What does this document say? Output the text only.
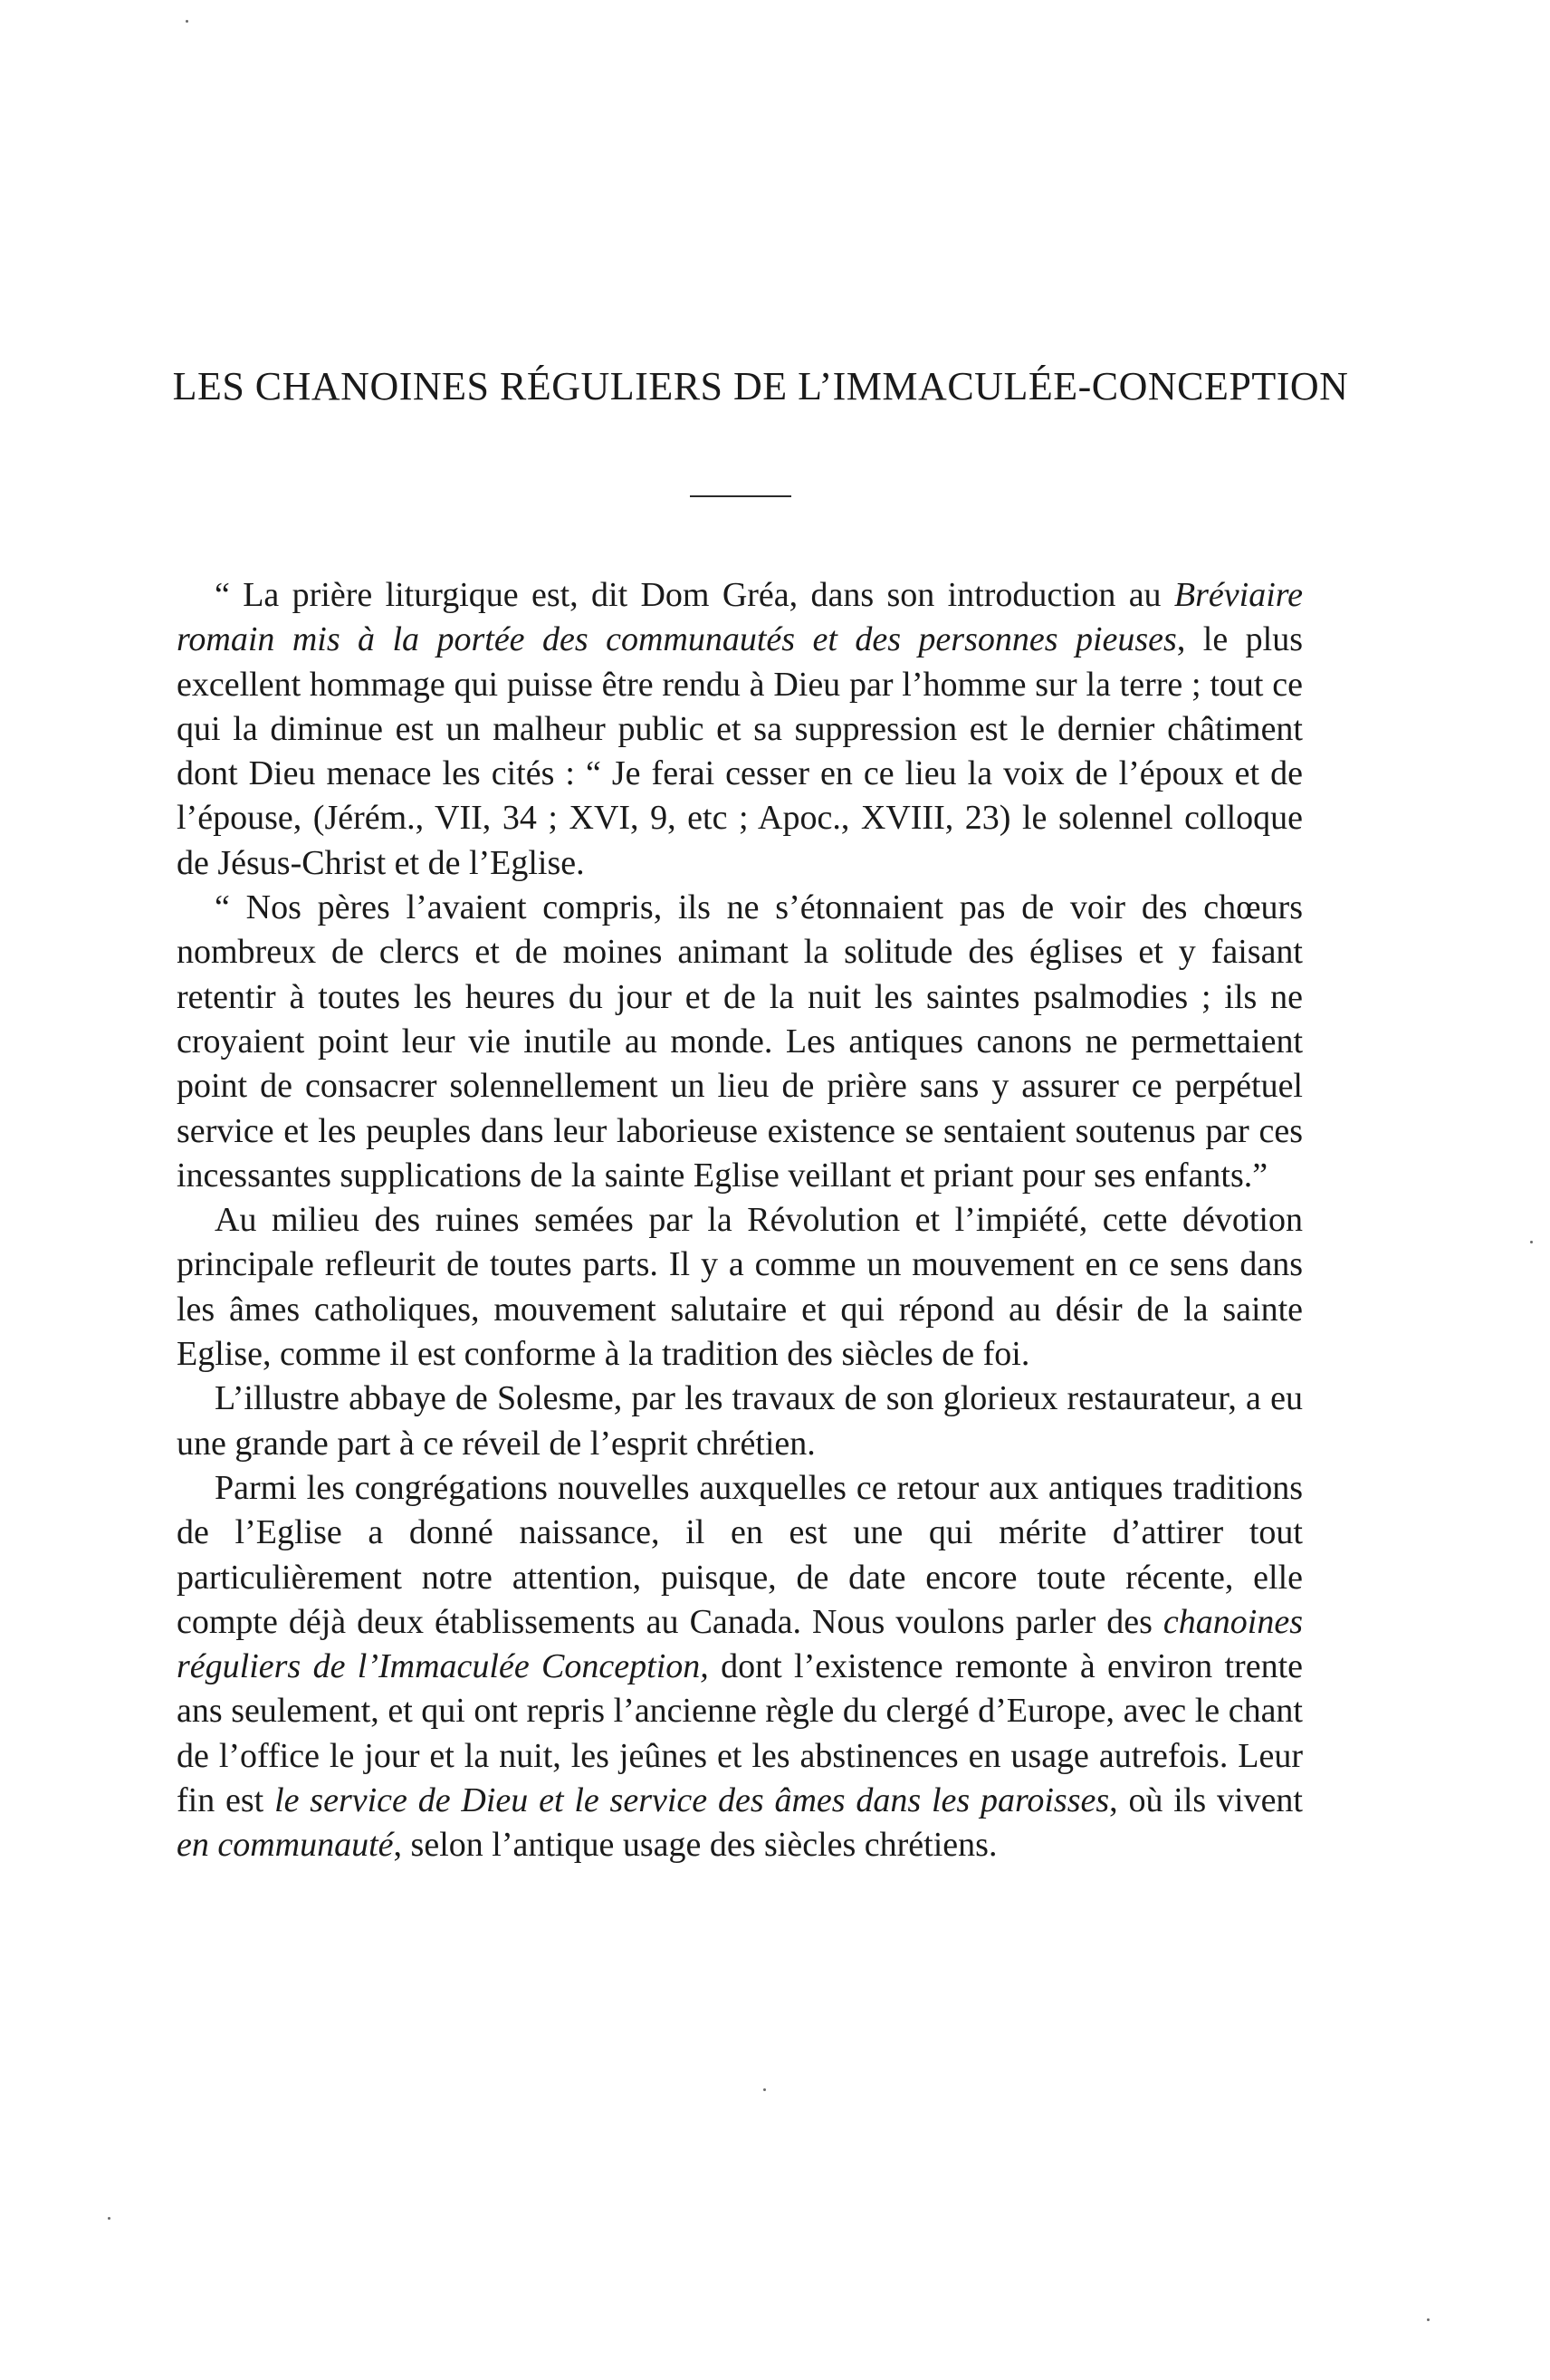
LES CHANOINES RÉGULIERS DE L’IMMACULÉE-CONCEPTION

“ La prière liturgique est, dit Dom Gréa, dans son introduction au Bréviaire romain mis à la portée des communautés et des personnes pieuses, le plus excellent hommage qui puisse être rendu à Dieu par l’homme sur la terre ; tout ce qui la diminue est un malheur public et sa suppression est le dernier châtiment dont Dieu menace les cités : “ Je ferai cesser en ce lieu la voix de l’époux et de l’épouse, (Jérém., VII, 34 ; XVI, 9, etc ; Apoc., XVIII, 23) le solennel colloque de Jésus-Christ et de l’Eglise.

“ Nos pères l’avaient compris, ils ne s’étonnaient pas de voir des chœurs nombreux de clercs et de moines animant la solitude des églises et y faisant retentir à toutes les heures du jour et de la nuit les saintes psalmodies ; ils ne croyaient point leur vie inutile au monde. Les antiques canons ne permettaient point de consacrer solennellement un lieu de prière sans y assurer ce perpétuel service et les peuples dans leur laborieuse existence se sentaient soutenus par ces incessantes supplications de la sainte Eglise veillant et priant pour ses enfants.”

Au milieu des ruines semées par la Révolution et l’impiété, cette dévotion principale refleurit de toutes parts. Il y a comme un mouvement en ce sens dans les âmes catholiques, mouvement salutaire et qui répond au désir de la sainte Eglise, comme il est conforme à la tradition des siècles de foi.

L’illustre abbaye de Solesme, par les travaux de son glorieux restaurateur, a eu une grande part à ce réveil de l’esprit chrétien.

Parmi les congrégations nouvelles auxquelles ce retour aux antiques traditions de l’Eglise a donné naissance, il en est une qui mérite d’attirer tout particulièrement notre attention, puisque, de date encore toute récente, elle compte déjà deux établissements au Canada. Nous voulons parler des chanoines réguliers de l’Immaculée Conception, dont l’existence remonte à environ trente ans seulement, et qui ont repris l’ancienne règle du clergé d’Europe, avec le chant de l’office le jour et la nuit, les jeûnes et les abstinences en usage autrefois. Leur fin est le service de Dieu et le service des âmes dans les paroisses, où ils vivent en communauté, selon l’antique usage des siècles chrétiens.
